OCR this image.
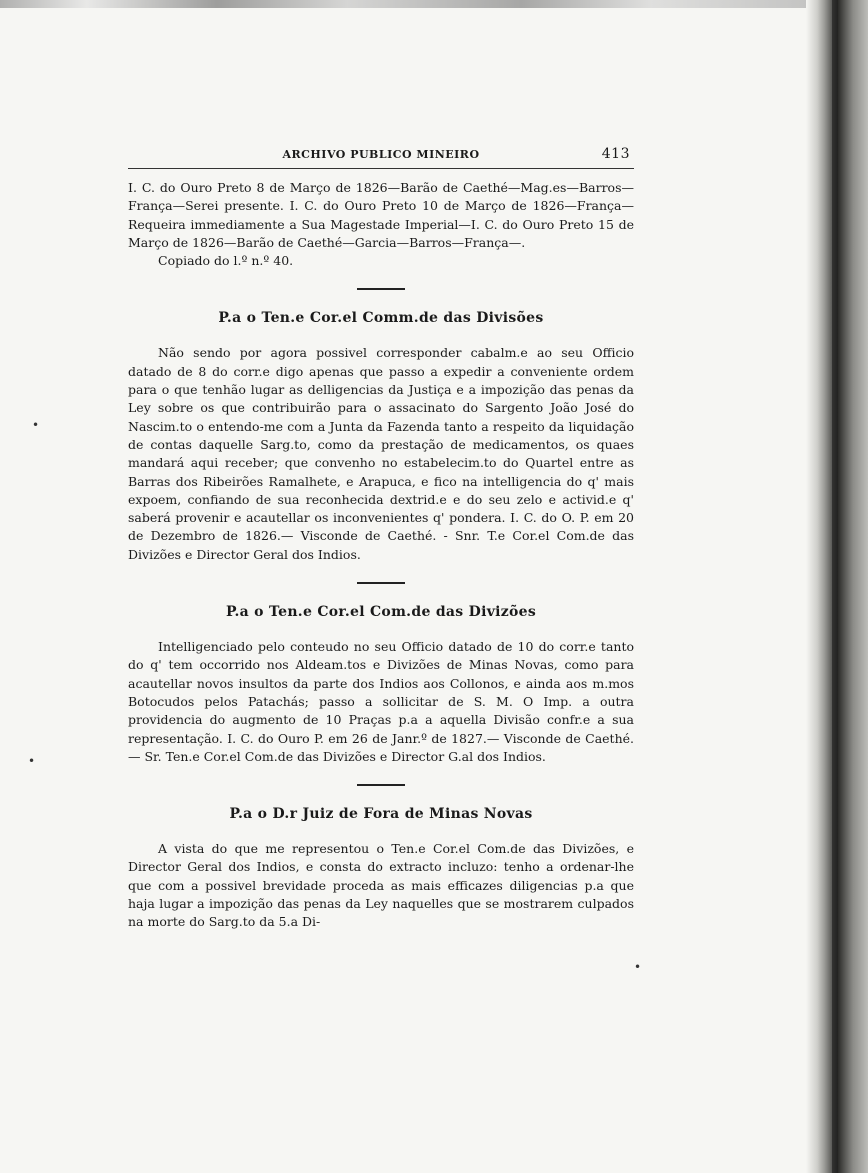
•
•
•
ARCHIVO PUBLICO MINEIRO	413

I. C. do Ouro Preto 8 de Março de 1826—Barão de Caethé—Mag.es—Barros—França—Serei presente. I. C. do Ouro Preto 10 de Março de 1826—França—Requeira immediamente a Sua Magestade Imperial—I. C. do Ouro Preto 15 de Março de 1826—Barão de Caethé—Garcia—Barros—França—.

Copiado do l.º n.º 40.

P.a o Ten.e Cor.el Comm.de das Divisões

Não sendo por agora possivel corresponder cabalm.e ao seu Officio datado de 8 do corr.e digo apenas que passo a expedir a conveniente ordem para o que tenhão lugar as delligencias da Justiça e a impozição das penas da Ley sobre os que contribuirão para o assacinato do Sargento João José do Nascim.to o entendo-me com a Junta da Fazenda tanto a respeito da liquidação de contas daquelle Sarg.to, como da prestação de medicamentos, os quaes mandará aqui receber; que convenho no estabelecim.to do Quartel entre as Barras dos Ribeirões Ramalhete, e Arapuca, e fico na intelligencia do q' mais expoem, confiando de sua reconhecida dextrid.e e do seu zelo e activid.e q' saberá provenir e acautellar os inconvenientes q' pondera. I. C. do O. P. em 20 de Dezembro de 1826.— Visconde de Caethé. - Snr. T.e Cor.el Com.de das Divizões e Director Geral dos Indios.

P.a o Ten.e Cor.el Com.de das Divizões

Intelligenciado pelo conteudo no seu Officio datado de 10 do corr.e tanto do q' tem occorrido nos Aldeam.tos e Divizões de Minas Novas, como para acautellar novos insultos da parte dos Indios aos Collonos, e ainda aos m.mos Botocudos pelos Patachás; passo a sollicitar de S. M. O Imp. a outra providencia do augmento de 10 Praças p.a a aquella Divisão confr.e a sua representação. I. C. do Ouro P. em 26 de Janr.º de 1827.— Visconde de Caethé.— Sr. Ten.e Cor.el Com.de das Divizões e Director G.al dos Indios.

P.a o D.r Juiz de Fora de Minas Novas

A vista do que me representou o Ten.e Cor.el Com.de das Divizões, e Director Geral dos Indios, e consta do extracto incluzo: tenho a ordenar-lhe que com a possivel brevidade proceda as mais efficazes diligencias p.a que haja lugar a impozição das penas da Ley naquelles que se mostrarem culpados na morte do Sarg.to da 5.a Di-
